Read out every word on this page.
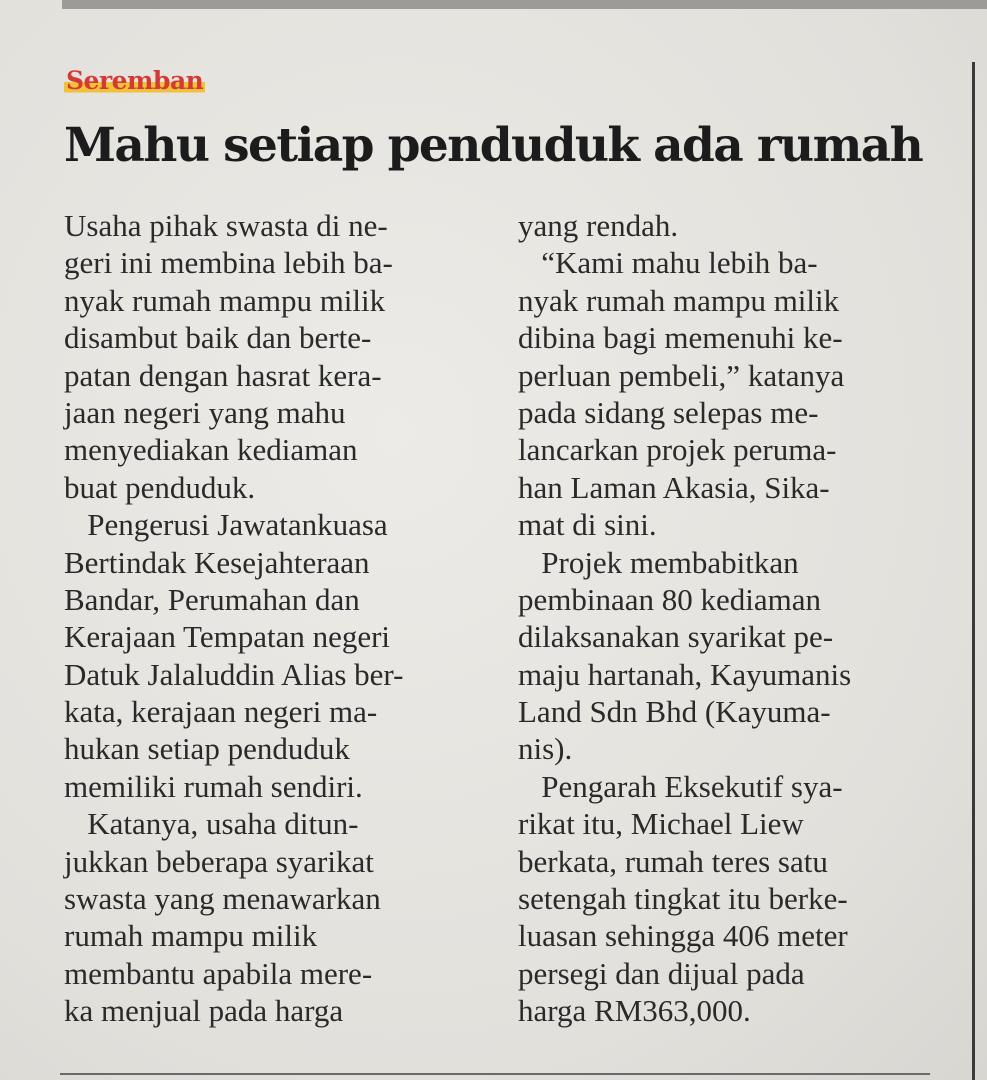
Seremban
Mahu setiap penduduk ada rumah
Usaha pihak swasta di ne-
geri ini membina lebih ba-
nyak rumah mampu milik
disambut baik dan berte-
patan dengan hasrat kera-
jaan negeri yang mahu
menyediakan kediaman
buat penduduk.
Pengerusi Jawatankuasa
Bertindak Kesejahteraan
Bandar, Perumahan dan
Kerajaan Tempatan negeri
Datuk Jalaluddin Alias ber-
kata, kerajaan negeri ma-
hukan setiap penduduk
memiliki rumah sendiri.
Katanya, usaha ditun-
jukkan beberapa syarikat
swasta yang menawarkan
rumah mampu milik
membantu apabila mere-
ka menjual pada harga
yang rendah.
“Kami mahu lebih ba-
nyak rumah mampu milik
dibina bagi memenuhi ke-
perluan pembeli,” katanya
pada sidang selepas me-
lancarkan projek peruma-
han Laman Akasia, Sika-
mat di sini.
Projek membabitkan
pembinaan 80 kediaman
dilaksanakan syarikat pe-
maju hartanah, Kayumanis
Land Sdn Bhd (Kayuma-
nis).
Pengarah Eksekutif sya-
rikat itu, Michael Liew
berkata, rumah teres satu
setengah tingkat itu berke-
luasan sehingga 406 meter
persegi dan dijual pada
harga RM363,000.
